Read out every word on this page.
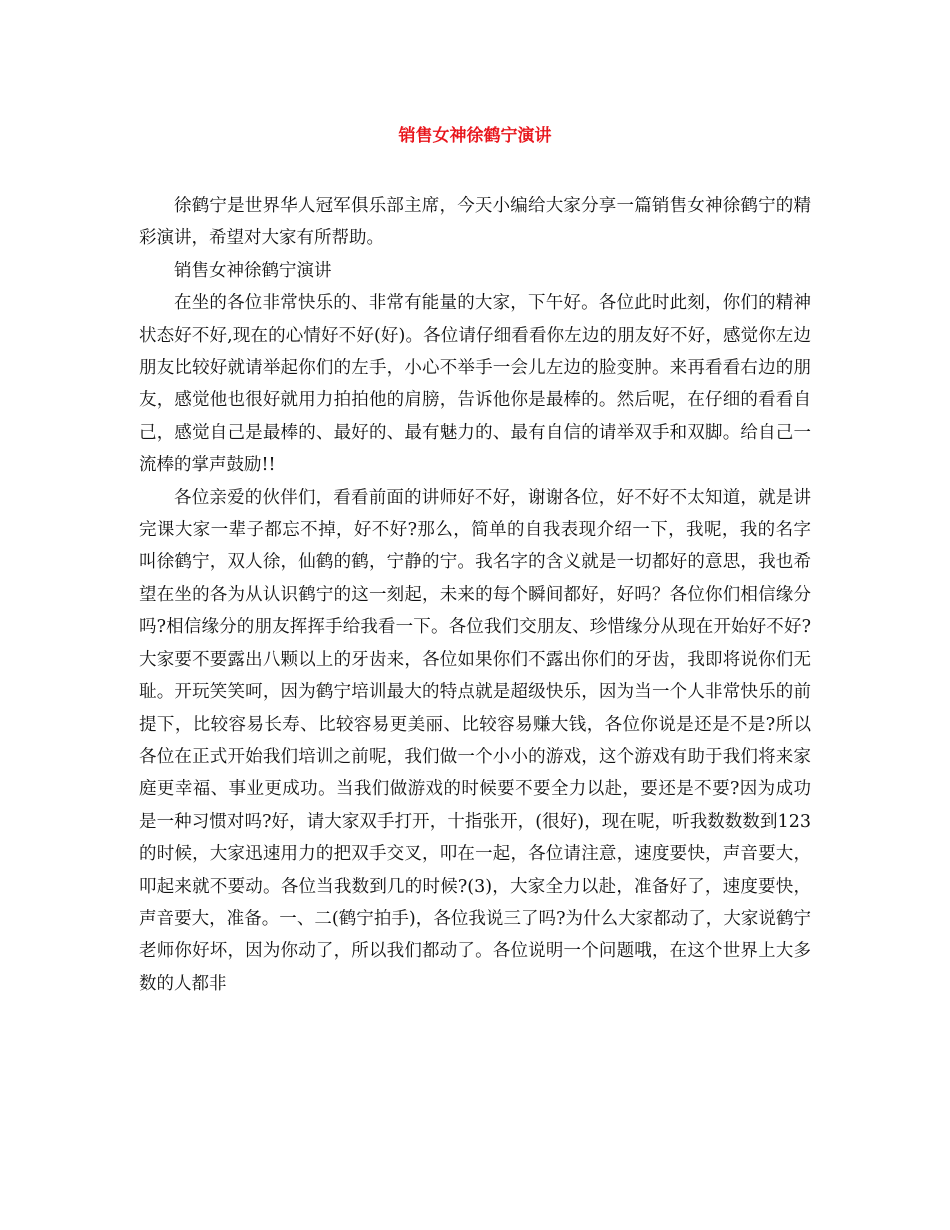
销售女神徐鹤宁演讲

徐鹤宁是世界华人冠军俱乐部主席，今天小编给大家分享一篇销售女神徐鹤宁的精彩演讲，希望对大家有所帮助。

销售女神徐鹤宁演讲

在坐的各位非常快乐的、非常有能量的大家，下午好。各位此时此刻，你们的精神状态好不好,现在的心情好不好(好)。各位请仔细看看你左边的朋友好不好，感觉你左边朋友比较好就请举起你们的左手，小心不举手一会儿左边的脸变肿。来再看看右边的朋友，感觉他也很好就用力拍拍他的肩膀，告诉他你是最棒的。然后呢，在仔细的看看自己，感觉自己是最棒的、最好的、最有魅力的、最有自信的请举双手和双脚。给自己一流棒的掌声鼓励!!

各位亲爱的伙伴们，看看前面的讲师好不好，谢谢各位，好不好不太知道，就是讲完课大家一辈子都忘不掉，好不好?那么，简单的自我表现介绍一下，我呢，我的名字叫徐鹤宁，双人徐，仙鹤的鹤，宁静的宁。我名字的含义就是一切都好的意思，我也希望在坐的各为从认识鹤宁的这一刻起，未来的每个瞬间都好，好吗？各位你们相信缘分吗?相信缘分的朋友挥挥手给我看一下。各位我们交朋友、珍惜缘分从现在开始好不好?大家要不要露出八颗以上的牙齿来，各位如果你们不露出你们的牙齿，我即将说你们无耻。开玩笑笑呵，因为鹤宁培训最大的特点就是超级快乐，因为当一个人非常快乐的前提下，比较容易长寿、比较容易更美丽、比较容易赚大钱，各位你说是还是不是?所以各位在正式开始我们培训之前呢，我们做一个小小的游戏，这个游戏有助于我们将来家庭更幸福、事业更成功。当我们做游戏的时候要不要全力以赴，要还是不要?因为成功是一种习惯对吗?好，请大家双手打开，十指张开，(很好)，现在呢，听我数数数到123的时候，大家迅速用力的把双手交叉，叩在一起，各位请注意，速度要快，声音要大，叩起来就不要动。各位当我数到几的时候?(3)，大家全力以赴，准备好了，速度要快，声音要大，准备。一、二(鹤宁拍手)，各位我说三了吗?为什么大家都动了，大家说鹤宁老师你好坏，因为你动了，所以我们都动了。各位说明一个问题哦，在这个世界上大多数的人都非
